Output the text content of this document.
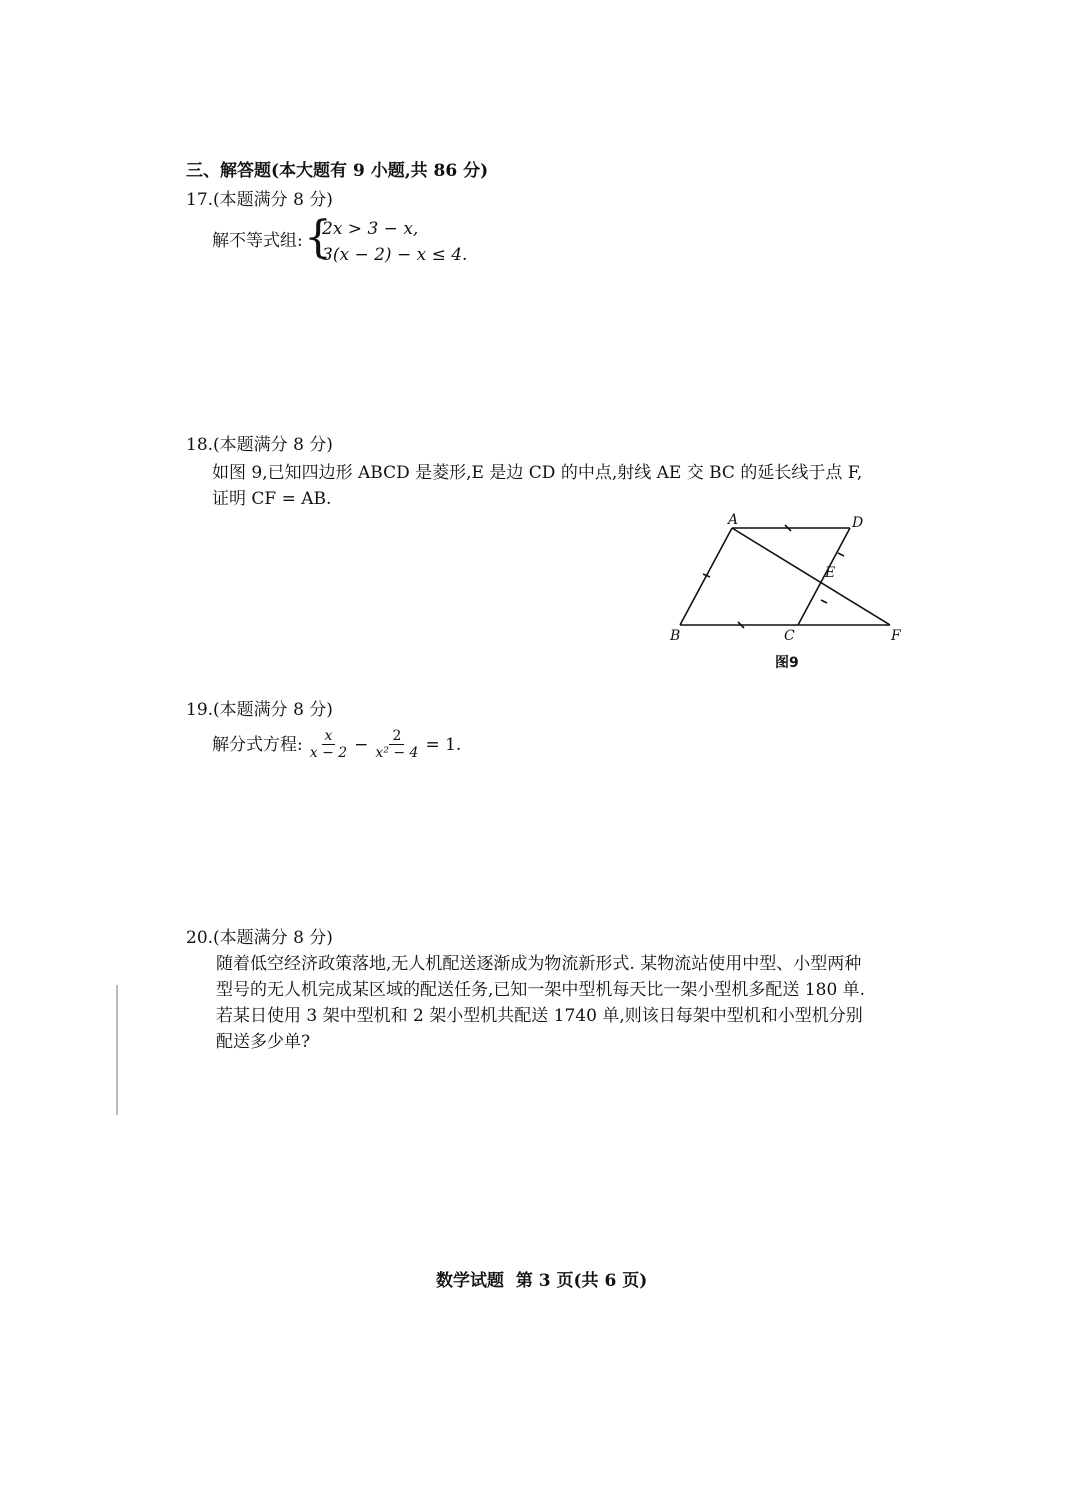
三、解答题(本大题有 9 小题,共 86 分)
17.(本题满分 8 分)
解不等式组: {
2x > 3 − x,
3(x − 2) − x ≤ 4.
18.(本题满分 8 分)
如图 9,已知四边形 ABCD 是菱形,E 是边 CD 的中点,射线 AE 交 BC 的延长线于点 F,
证明 CF = AB.
A	D
E
B	C	F
图9
19.(本题满分 8 分)
解分式方程: $\frac{x}{x - 2} - \frac{2}{\text{x² − 4}} = 1$.
20.(本题满分 8 分)
随着低空经济政策落地,无人机配送逐渐成为物流新形式. 某物流站使用中型、小型两种
型号的无人机完成某区域的配送任务,已知一架中型机每天比一架小型机多配送 180 单.
若某日使用 3 架中型机和 2 架小型机共配送 1740 单,则该日每架中型机和小型机分别
配送多少单?
数学试题  第 3 页(共 6 页)
